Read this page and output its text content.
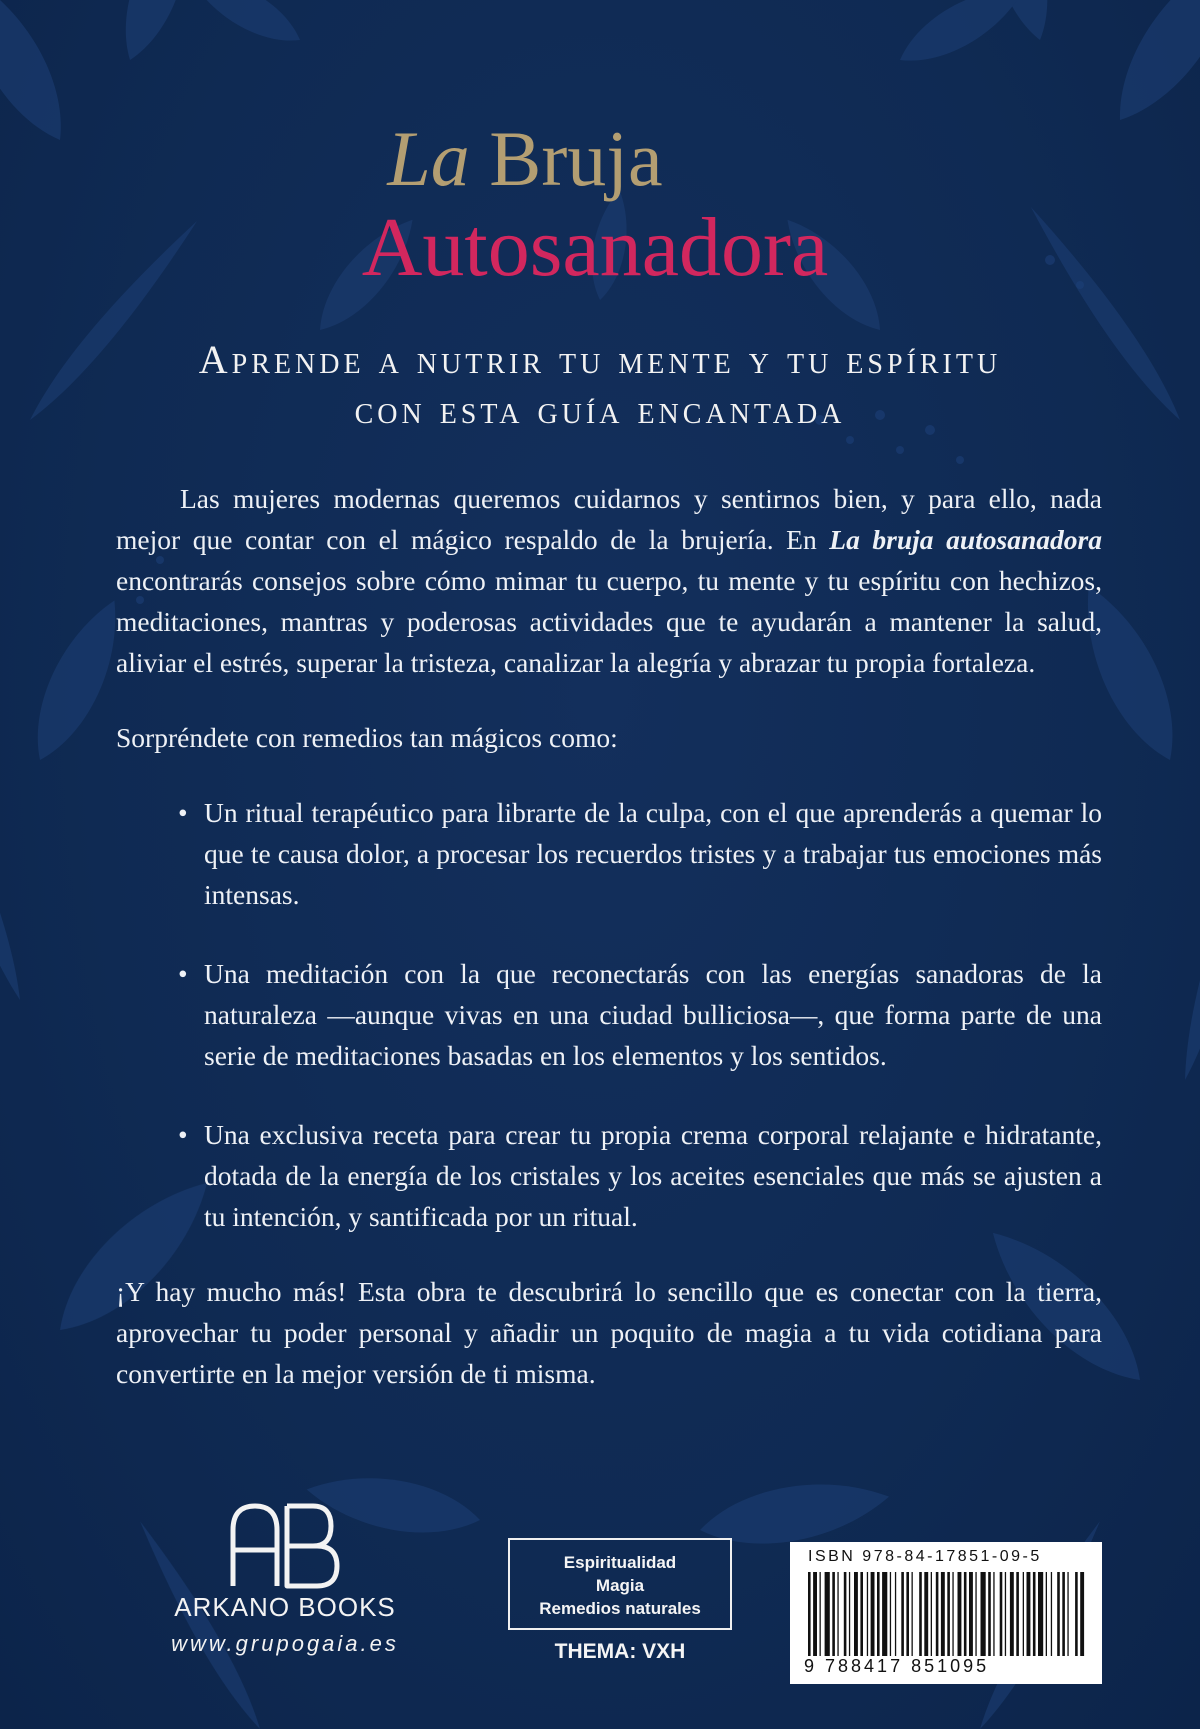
La Bruja
Autosanadora
Aprende a nutrir tu mente y tu espíritu
con esta guía encantada

Las mujeres modernas queremos cuidarnos y sentirnos bien, y para ello, nada mejor que contar con el mágico respaldo de la brujería. En La bruja autosanadora encontrarás consejos sobre cómo mimar tu cuerpo, tu mente y tu espíritu con hechizos, meditaciones, mantras y poderosas actividades que te ayudarán a mantener la salud, aliviar el estrés, superar la tristeza, canalizar la alegría y abrazar tu propia fortaleza.

Sorpréndete con remedios tan mágicos como:

• Un ritual terapéutico para librarte de la culpa, con el que aprenderás a quemar lo que te causa dolor, a procesar los recuerdos tristes y a trabajar tus emociones más intensas.
• Una meditación con la que reconectarás con las energías sanadoras de la naturaleza —aunque vivas en una ciudad bulliciosa—, que forma parte de una serie de meditaciones basadas en los elementos y los sentidos.
• Una exclusiva receta para crear tu propia crema corporal relajante e hidratante, dotada de la energía de los cristales y los aceites esenciales que más se ajusten a tu intención, y santificada por un ritual.

¡Y hay mucho más! Esta obra te descubrirá lo sencillo que es conectar con la tierra, aprovechar tu poder personal y añadir un poquito de magia a tu vida cotidiana para convertirte en la mejor versión de ti misma.

ARKANO BOOKS
www.grupogaia.es
Espiritualidad
Magia
Remedios naturales
THEMA: VXH
ISBN 978-84-17851-09-5
9 788417 851095
